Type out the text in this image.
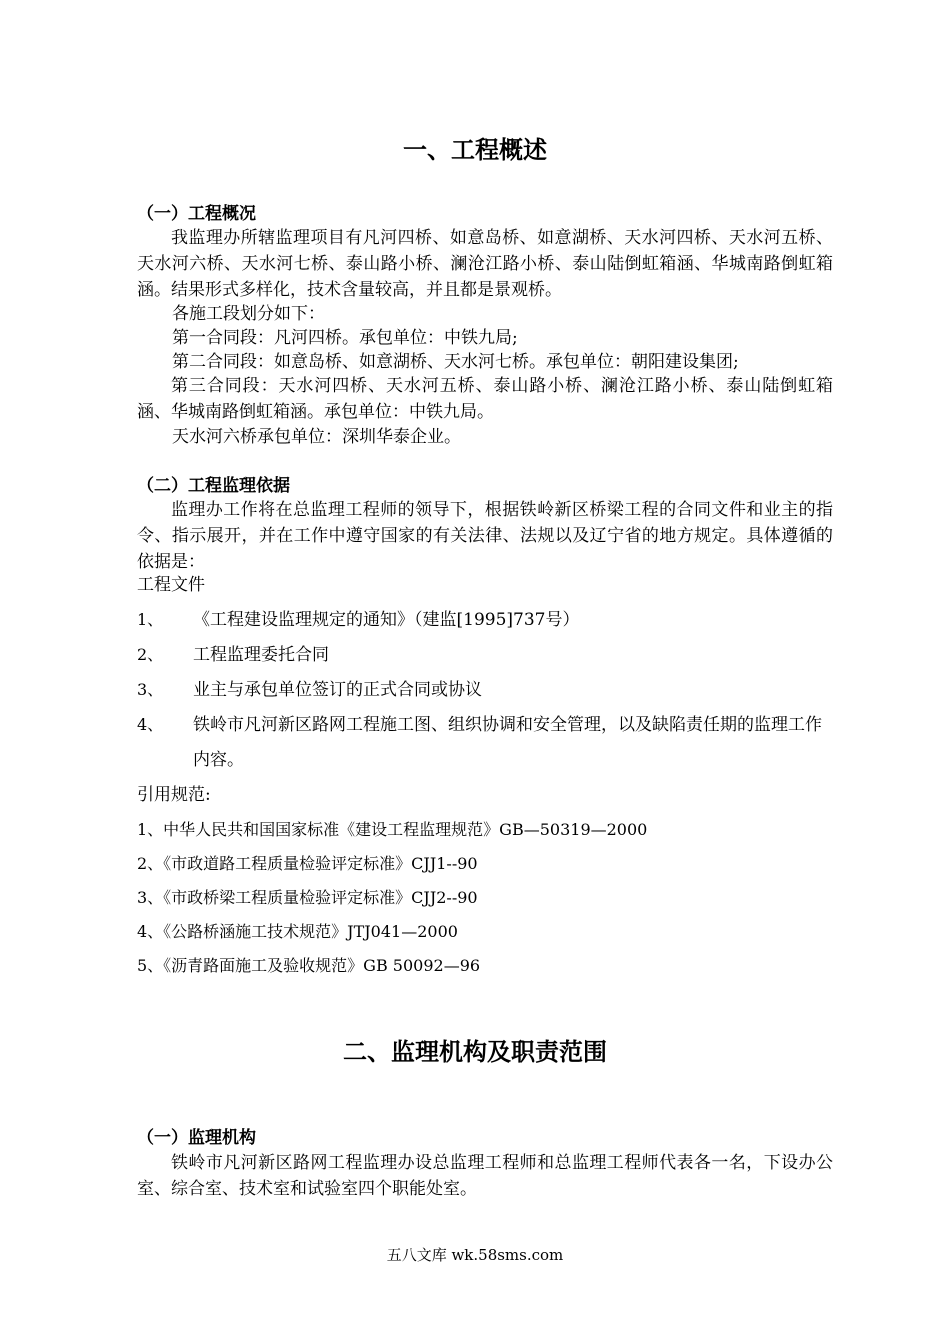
一、工程概述
（一）工程概况

我监理办所辖监理项目有凡河四桥、如意岛桥、如意湖桥、天水河四桥、天水河五桥、天水河六桥、天水河七桥、泰山路小桥、澜沧江路小桥、泰山陆倒虹箱涵、华城南路倒虹箱涵。结果形式多样化，技术含量较高，并且都是景观桥。

各施工段划分如下：
第一合同段：凡河四桥。承包单位：中铁九局;
第二合同段：如意岛桥、如意湖桥、天水河七桥。承包单位：朝阳建设集团;

第三合同段：天水河四桥、天水河五桥、泰山路小桥、澜沧江路小桥、泰山陆倒虹箱涵、华城南路倒虹箱涵。承包单位：中铁九局。

天水河六桥承包单位：深圳华泰企业。
（二）工程监理依据

监理办工作将在总监理工程师的领导下，根据铁岭新区桥梁工程的合同文件和业主的指令、指示展开，并在工作中遵守国家的有关法律、法规以及辽宁省的地方规定。具体遵循的依据是：

工程文件
1、 《工程建设监理规定的通知》（建监[1995]737号）
2、 工程监理委托合同
3、 业主与承包单位签订的正式合同或协议
4、 铁岭市凡河新区路网工程施工图、组织协调和安全管理，以及缺陷责任期的监理工作内容。
引用规范:
1、中华人民共和国国家标准《建设工程监理规范》GB—50319—2000
2、《市政道路工程质量检验评定标准》CJJ1--90
3、《市政桥梁工程质量检验评定标准》CJJ2--90
4、《公路桥涵施工技术规范》JTJ041—2000
5、《沥青路面施工及验收规范》GB 50092—96
二、监理机构及职责范围
（一）监理机构

铁岭市凡河新区路网工程监理办设总监理工程师和总监理工程师代表各一名，下设办公室、综合室、技术室和试验室四个职能处室。

五八文库 wk.58sms.com
